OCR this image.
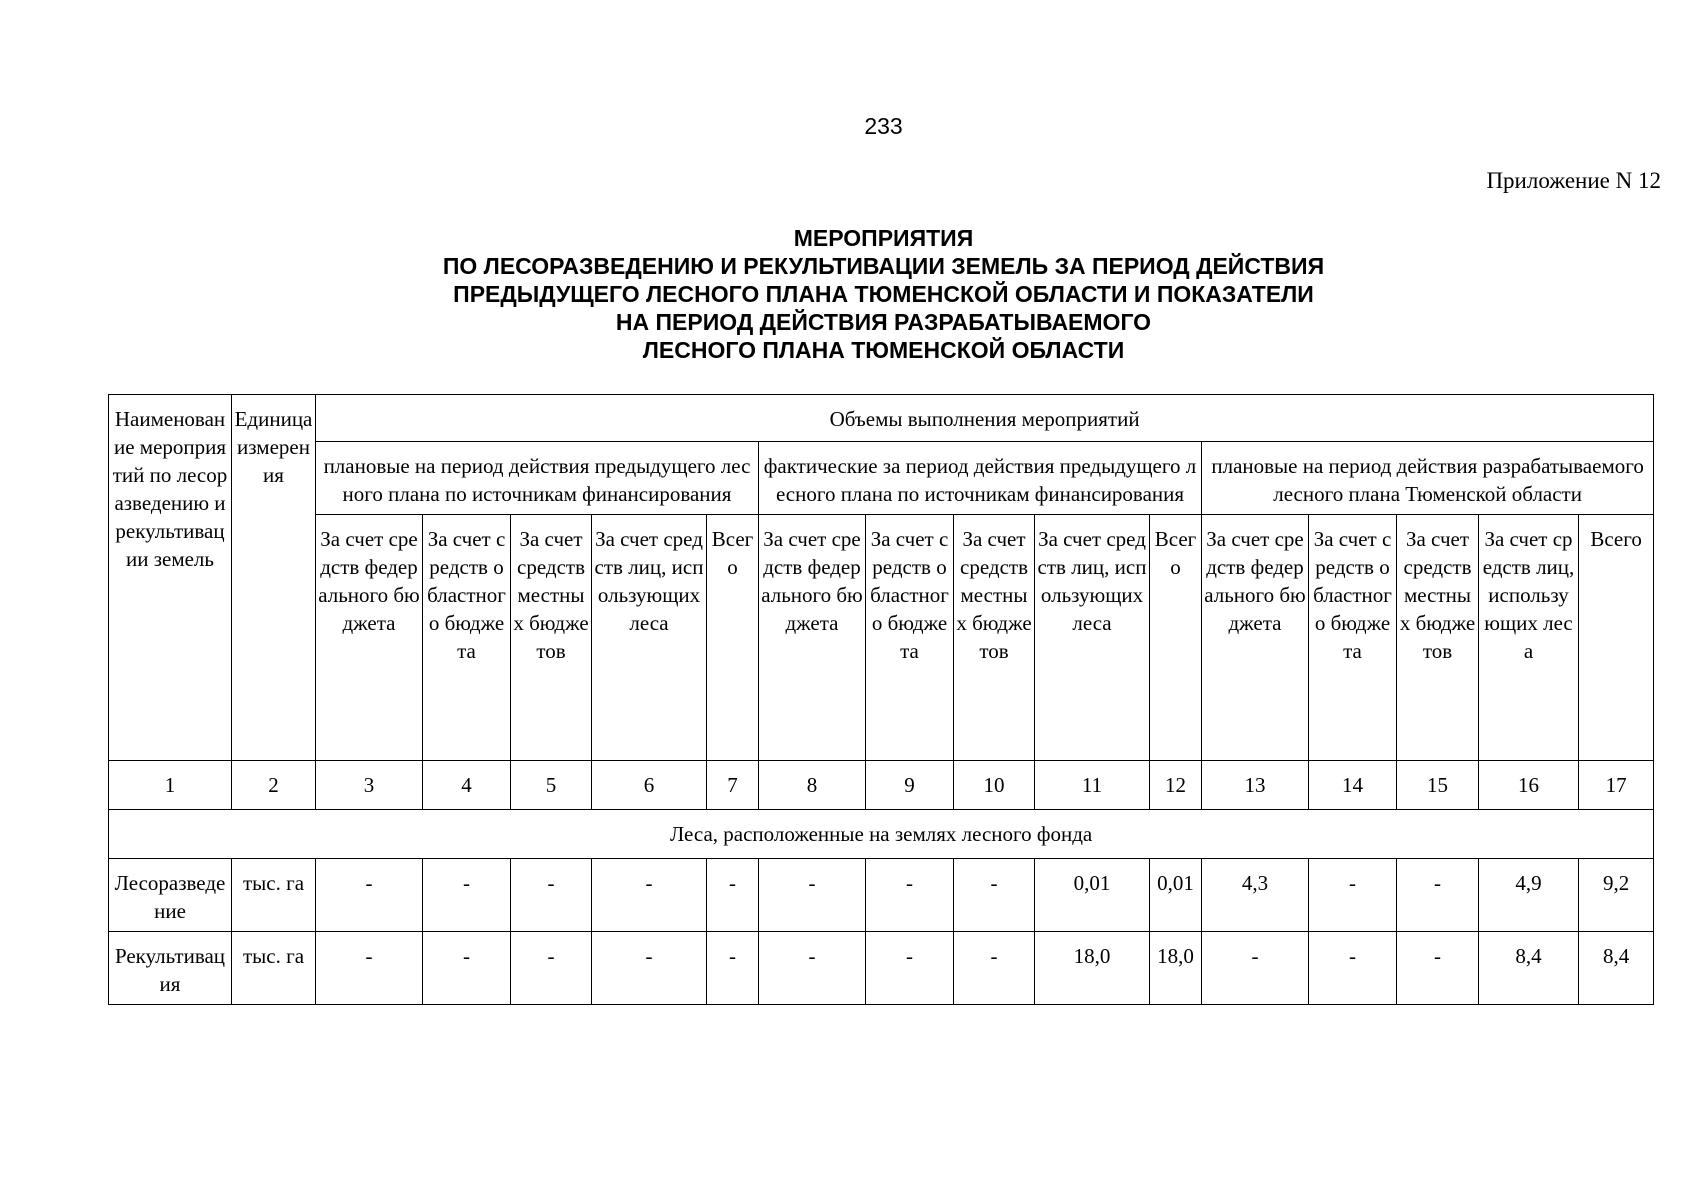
233
Приложение N 12
МЕРОПРИЯТИЯ
ПО ЛЕСОРАЗВЕДЕНИЮ И РЕКУЛЬТИВАЦИИ ЗЕМЕЛЬ ЗА ПЕРИОД ДЕЙСТВИЯ
ПРЕДЫДУЩЕГО ЛЕСНОГО ПЛАНА ТЮМЕНСКОЙ ОБЛАСТИ И ПОКАЗАТЕЛИ
НА ПЕРИОД ДЕЙСТВИЯ РАЗРАБАТЫВАЕМОГО
ЛЕСНОГО ПЛАНА ТЮМЕНСКОЙ ОБЛАСТИ
Наименование мероприятий по лесоразведению и рекультивации земель	Единица измерения	Объемы выполнения мероприятий														
		плановые на период действия предыдущего лесного плана по источникам финансирования					фактические за период действия предыдущего лесного плана по источникам финансирования					плановые на период действия разрабатываемого лесного плана Тюменской области				
		За счет средств федерального бюджета	За счет средств областного бюджета	За счет средств местных бюджетов	За счет средств лиц, использующих леса	Всего	За счет средств федерального бюджета	За счет средств областного бюджета	За счет средств местных бюджетов	За счет средств лиц, использующих леса	Всего	За счет средств федерального бюджета	За счет средств областного бюджета	За счет средств местных бюджетов	За счет средств лиц, использующих леса	Всего
1	2	3	4	5	6	7	8	9	10	11	12	13	14	15	16	17
Леса, расположенные на землях лесного фонда																
Лесоразведение	тыс. га	-	-	-	-	-	-	-	-	0,01	0,01	4,3	-	-	4,9	9,2
Рекультивация	тыс. га	-	-	-	-	-	-	-	-	18,0	18,0	-	-	-	8,4	8,4
